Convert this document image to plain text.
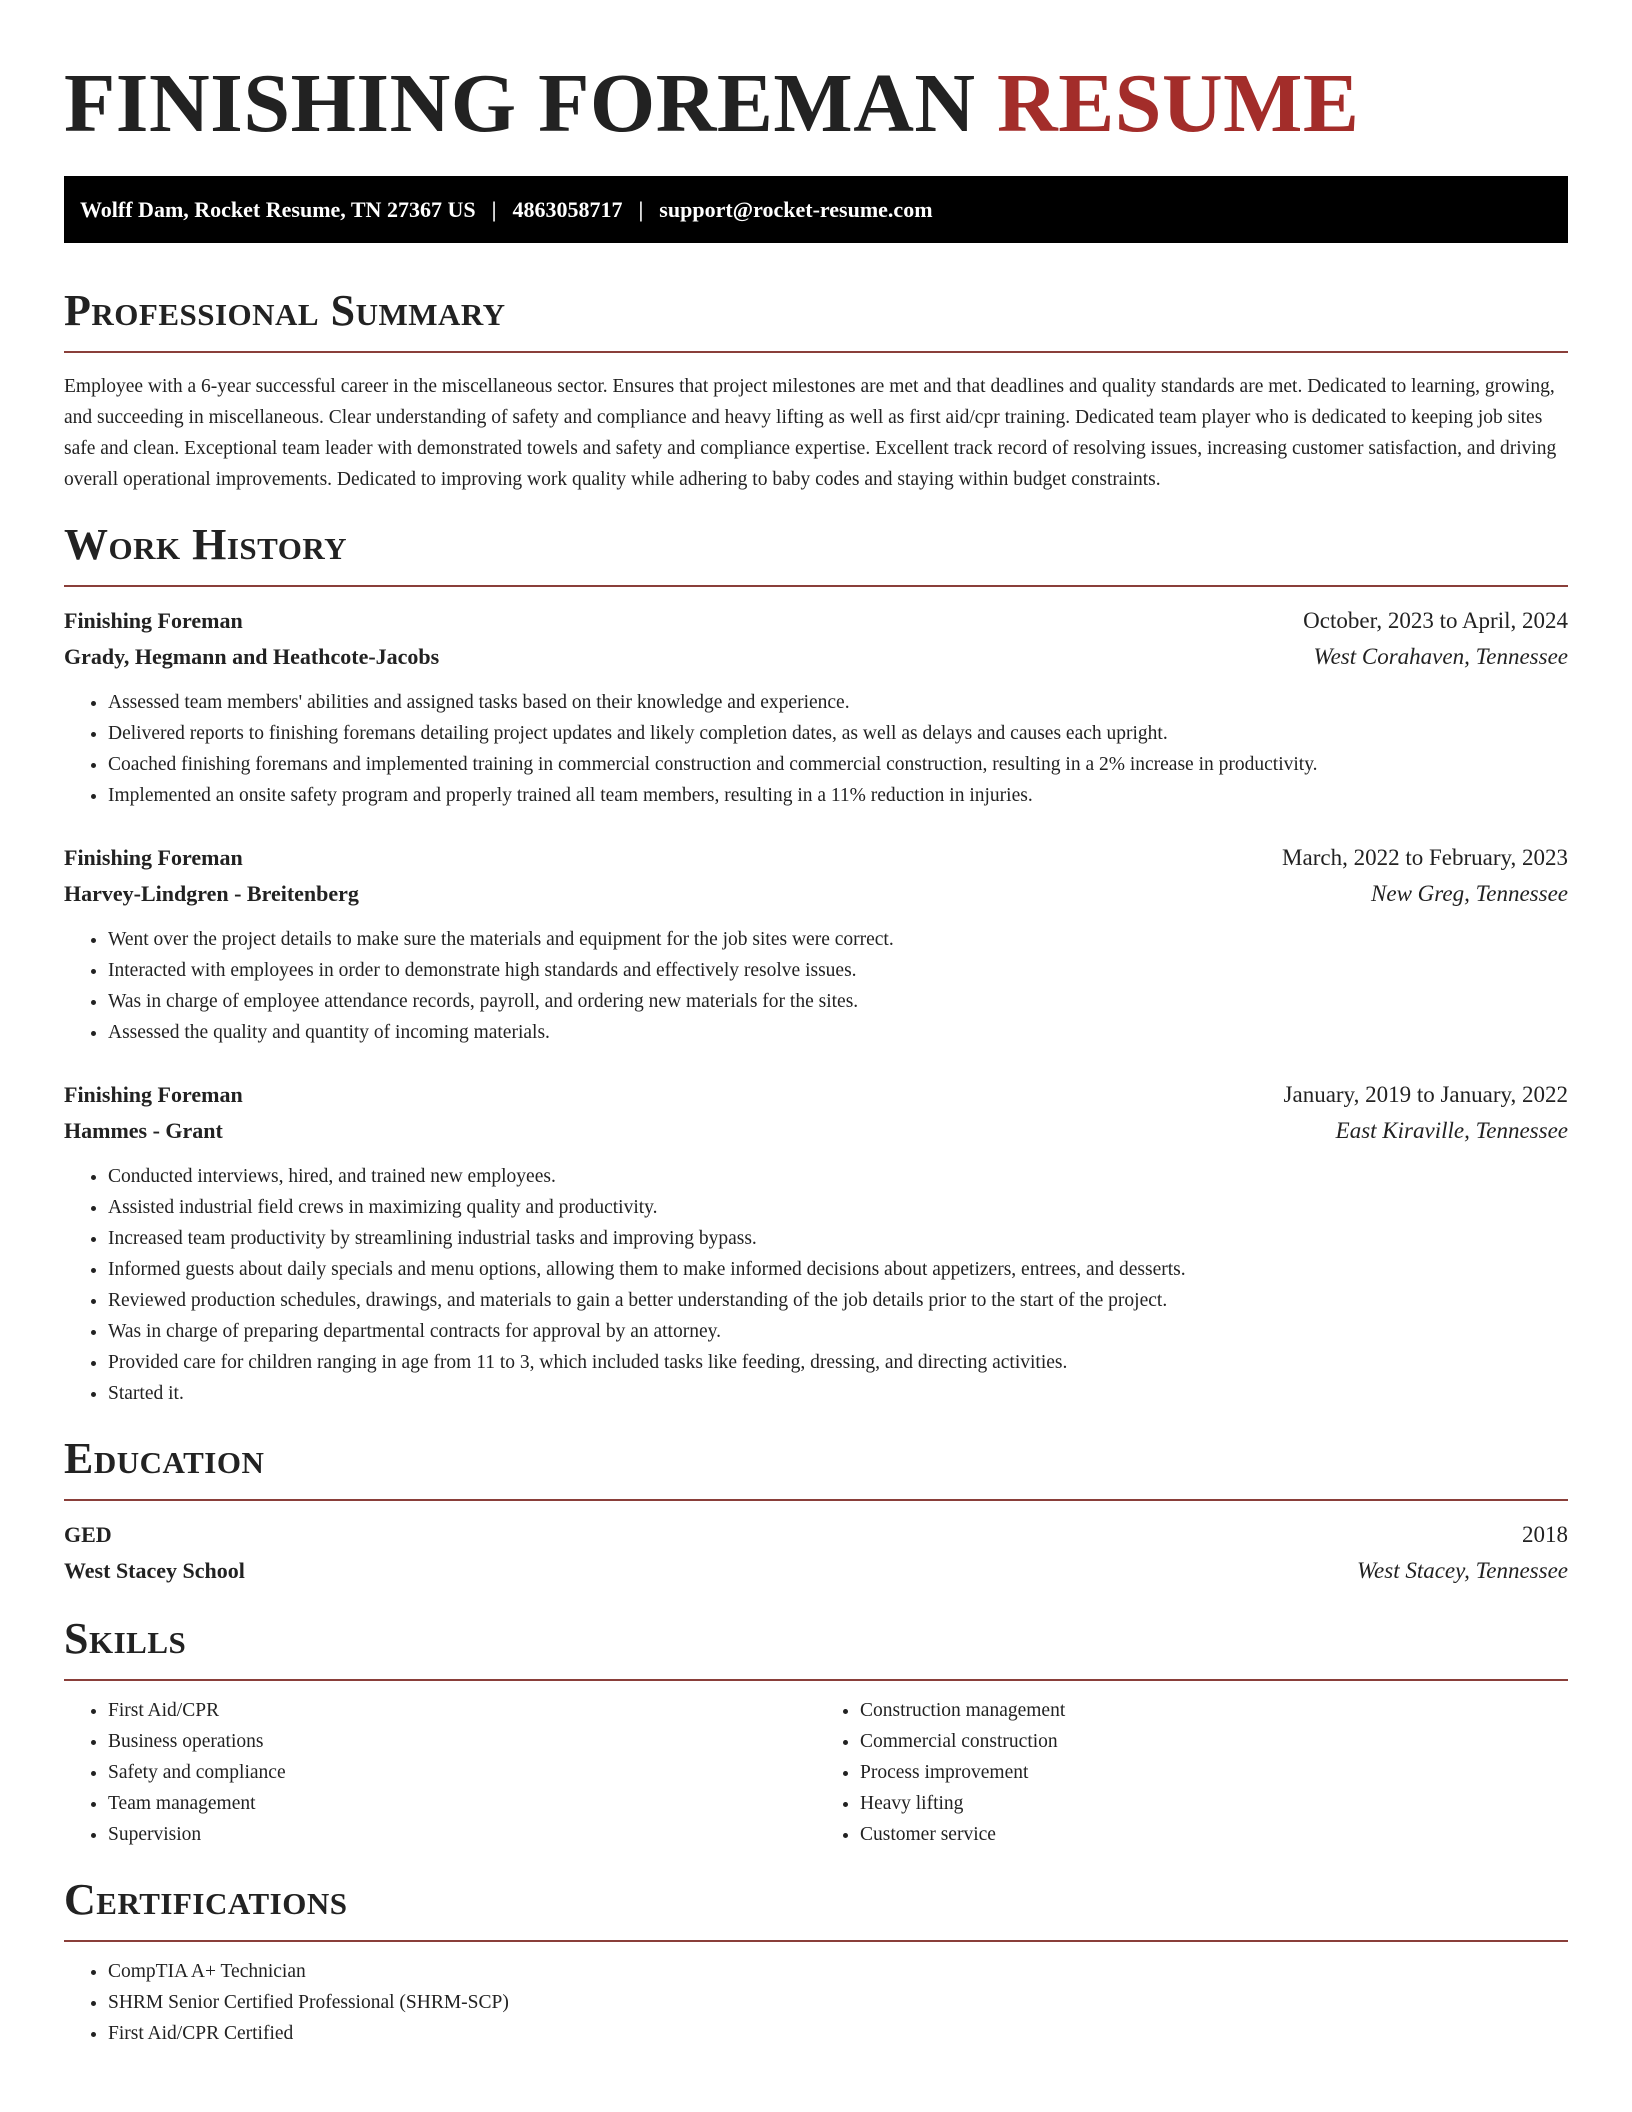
FINISHING FOREMAN RESUME
Wolff Dam, Rocket Resume, TN 27367 US | 4863058717 | support@rocket-resume.com
Professional Summary

Employee with a 6-year successful career in the miscellaneous sector. Ensures that project milestones are met and that deadlines and quality standards are met. Dedicated to learning, growing, and succeeding in miscellaneous. Clear understanding of safety and compliance and heavy lifting as well as first aid/cpr training. Dedicated team player who is dedicated to keeping job sites safe and clean. Exceptional team leader with demonstrated towels and safety and compliance expertise. Excellent track record of resolving issues, increasing customer satisfaction, and driving overall operational improvements. Dedicated to improving work quality while adhering to baby codes and staying within budget constraints.

Work History
Finishing Foreman	October, 2023 to April, 2024
Grady, Hegmann and Heathcote-Jacobs	West Corahaven, Tennessee
• Assessed team members' abilities and assigned tasks based on their knowledge and experience.
• Delivered reports to finishing foremans detailing project updates and likely completion dates, as well as delays and causes each upright.
• Coached finishing foremans and implemented training in commercial construction and commercial construction, resulting in a 2% increase in productivity.
• Implemented an onsite safety program and properly trained all team members, resulting in a 11% reduction in injuries.
Finishing Foreman	March, 2022 to February, 2023
Harvey-Lindgren - Breitenberg	New Greg, Tennessee
• Went over the project details to make sure the materials and equipment for the job sites were correct.
• Interacted with employees in order to demonstrate high standards and effectively resolve issues.
• Was in charge of employee attendance records, payroll, and ordering new materials for the sites.
• Assessed the quality and quantity of incoming materials.
Finishing Foreman	January, 2019 to January, 2022
Hammes - Grant	East Kiraville, Tennessee
• Conducted interviews, hired, and trained new employees.
• Assisted industrial field crews in maximizing quality and productivity.
• Increased team productivity by streamlining industrial tasks and improving bypass.
• Informed guests about daily specials and menu options, allowing them to make informed decisions about appetizers, entrees, and desserts.
• Reviewed production schedules, drawings, and materials to gain a better understanding of the job details prior to the start of the project.
• Was in charge of preparing departmental contracts for approval by an attorney.
• Provided care for children ranging in age from 11 to 3, which included tasks like feeding, dressing, and directing activities.
• Started it.
Education
GED	2018
West Stacey School	West Stacey, Tennessee
Skills
• First Aid/CPR
• Business operations
• Safety and compliance
• Team management
• Supervision
• Construction management
• Commercial construction
• Process improvement
• Heavy lifting
• Customer service
Certifications
• CompTIA A+ Technician
• SHRM Senior Certified Professional (SHRM-SCP)
• First Aid/CPR Certified
